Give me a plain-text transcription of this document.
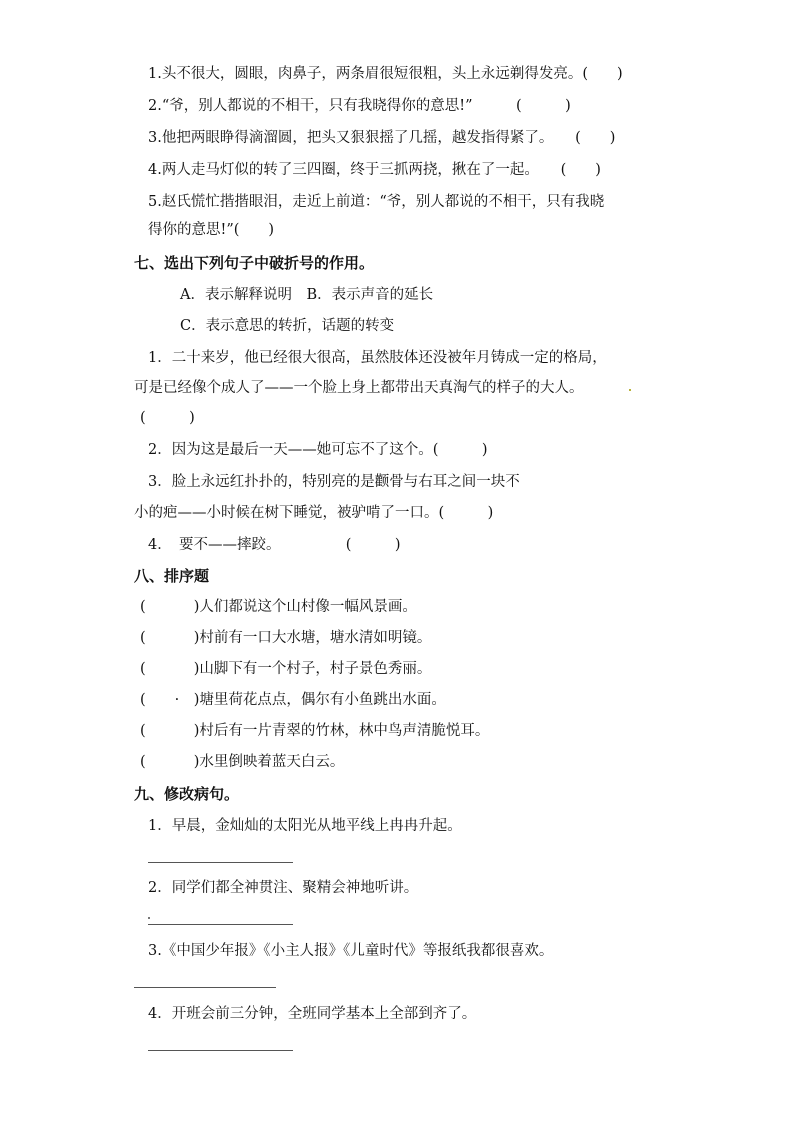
1.头不很大，圆眼，肉鼻子，两条眉很短很粗，头上永远剃得发亮。(　　)
2.“爷，别人都说的不相干，只有我晓得你的意思!”　　　(　　　)
3.他把两眼睁得滴溜圆，把头又狠狠摇了几摇，越发指得紧了。　　(　　)
4.两人走马灯似的转了三四圈，终于三抓两挠，揪在了一起。　　(　　)
5.赵氏慌忙揩揩眼泪，走近上前道：“爷，别人都说的不相干，只有我晓
得你的意思!”(　　)
七、选出下列句子中破折号的作用。
A．表示解释说明　B．表示声音的延长
C．表示意思的转折，话题的转变
1．二十来岁，他已经很大很高，虽然肢体还没被年月铸成一定的格局，
可是已经像个成人了——一个脸上身上都带出天真淘气的样子的大人。
(　　　)
2．因为这是最后一天——她可忘不了这个。(　　　)
3．脸上永远红扑扑的，特别亮的是颧骨与右耳之间一块不
小的疤——小时候在树下睡觉，被驴啃了一口。(　　　)
4．　要不——摔跤。　　　　　(　　　)
八、排序题
(　　　 )人们都说这个山村像一幅风景画。
(　　　 )村前有一口大水塘，塘水清如明镜。
(　　　 )山脚下有一个村子，村子景色秀丽。
(　　·　)塘里荷花点点，偶尔有小鱼跳出水面。
(　　　 )村后有一片青翠的竹林，林中鸟声清脆悦耳。
(　　　 )水里倒映着蓝天白云。
九、修改病句。
1．早晨，金灿灿的太阳光从地平线上冉冉升起。
2．同学们都全神贯注、聚精会神地听讲。
3.《中国少年报》《小主人报》《儿童时代》等报纸我都很喜欢。
4．开班会前三分钟，全班同学基本上全部到齐了。
